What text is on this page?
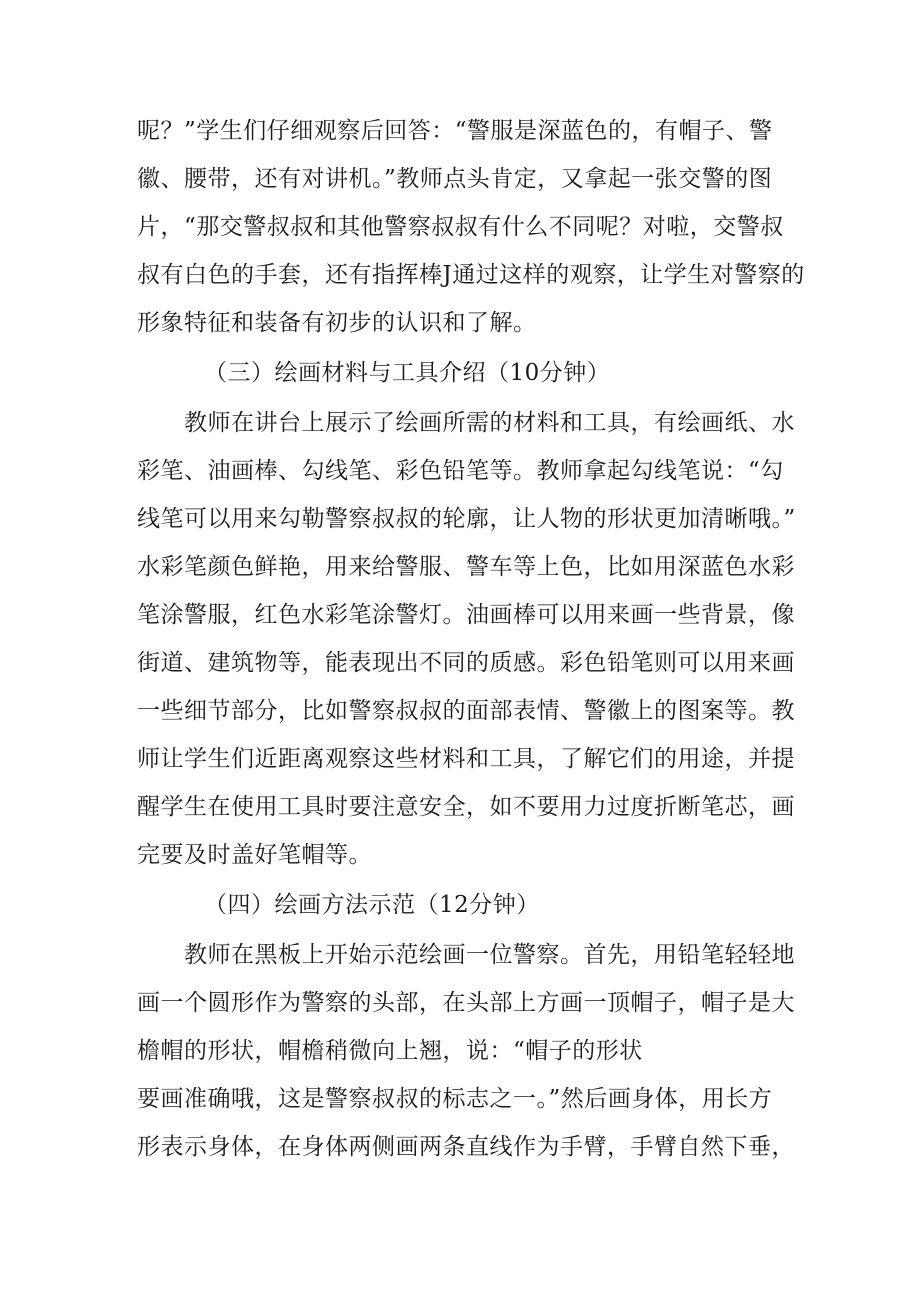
呢？”学生们仔细观察后回答：“警服是深蓝色的，有帽子、警
徽、腰带，还有对讲机。”教师点头肯定，又拿起一张交警的图
片，“那交警叔叔和其他警察叔叔有什么不同呢？对啦，交警叔
叔有白色的手套，还有指挥棒J通过这样的观察，让学生对警察的
形象特征和装备有初步的认识和了解。
（三）绘画材料与工具介绍（10分钟）
教师在讲台上展示了绘画所需的材料和工具，有绘画纸、水
彩笔、油画棒、勾线笔、彩色铅笔等。教师拿起勾线笔说：“勾
线笔可以用来勾勒警察叔叔的轮廓，让人物的形状更加清晰哦。”
水彩笔颜色鲜艳，用来给警服、警车等上色，比如用深蓝色水彩
笔涂警服，红色水彩笔涂警灯。油画棒可以用来画一些背景，像
街道、建筑物等，能表现出不同的质感。彩色铅笔则可以用来画
一些细节部分，比如警察叔叔的面部表情、警徽上的图案等。教
师让学生们近距离观察这些材料和工具，了解它们的用途，并提
醒学生在使用工具时要注意安全，如不要用力过度折断笔芯，画
完要及时盖好笔帽等。
（四）绘画方法示范（12分钟）
教师在黑板上开始示范绘画一位警察。首先，用铅笔轻轻地
画一个圆形作为警察的头部，在头部上方画一顶帽子，帽子是大
檐帽的形状，帽檐稍微向上翘，说：“帽子的形状
要画准确哦，这是警察叔叔的标志之一。”然后画身体，用长方
形表示身体，在身体两侧画两条直线作为手臂，手臂自然下垂，
